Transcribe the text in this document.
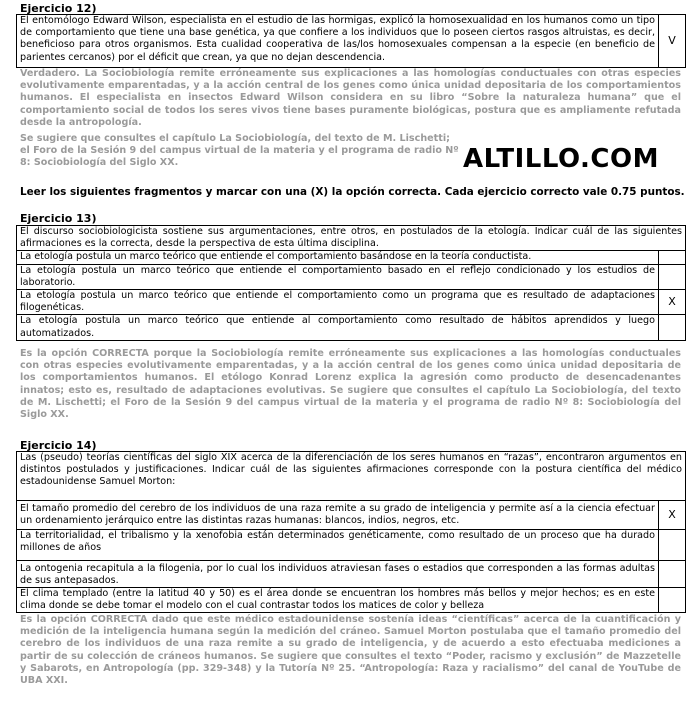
Ejercicio 12)
El entomólogo Edward Wilson, especialista en el estudio de las hormigas, explicó la homosexualidad en los humanos como un tipo de comportamiento que tiene una base genética, ya que confiere a los individuos que lo poseen ciertos rasgos altruistas, es decir, beneficioso para otros organismos. Esta cualidad cooperativa de las/los homosexuales compensan a la especie (en beneficio de parientes cercanos) por el déficit que crean, ya que no dejan descendencia.	V
Verdadero. La Sociobiología remite erróneamente sus explicaciones a las homologías conductuales con otras especies evolutivamente emparentadas, y a la acción central de los genes como única unidad depositaria de los comportamientos humanos. El especialista en insectos Edward Wilson considera en su libro “Sobre la naturaleza humana” que el comportamiento social de todos los seres vivos tiene bases puramente biológicas, postura que es ampliamente refutada desde la antropología.
Se sugiere que consultes el capítulo La Sociobiología, del texto de M. Lischetti; el Foro de la Sesión 9 del campus virtual de la materia y el programa de radio Nº 8: Sociobiología del Siglo XX.	ALTILLO.COM
Leer los siguientes fragmentos y marcar con una (X) la opción correcta. Cada ejercicio correcto vale 0.75 puntos.
Ejercicio 13)
El discurso sociobiologicista sostiene sus argumentaciones, entre otros, en postulados de la etología. Indicar cuál de las siguientes afirmaciones es la correcta, desde la perspectiva de esta última disciplina.	
La etología postula un marco teórico que entiende el comportamiento basándose en la teoría conductista.	
La etología postula un marco teórico que entiende el comportamiento basado en el reflejo condicionado y los estudios de laboratorio.	
La etología postula un marco teórico que entiende el comportamiento como un programa que es resultado de adaptaciones filogenéticas.	X
La etología postula un marco teórico que entiende al comportamiento como resultado de hábitos aprendidos y luego automatizados.	
Es la opción CORRECTA porque la Sociobiología remite erróneamente sus explicaciones a las homologías conductuales con otras especies evolutivamente emparentadas, y a la acción central de los genes como única unidad depositaria de los comportamientos humanos. El etólogo Konrad Lorenz explica la agresión como producto de desencadenantes innatos; esto es, resultado de adaptaciones evolutivas. Se sugiere que consultes el capítulo La Sociobiología, del texto de M. Lischetti; el Foro de la Sesión 9 del campus virtual de la materia y el programa de radio Nº 8: Sociobiología del Siglo XX.
Ejercicio 14)
Las (pseudo) teorías científicas del siglo XIX acerca de la diferenciación de los seres humanos en “razas”, encontraron argumentos en distintos postulados y justificaciones. Indicar cuál de las siguientes afirmaciones corresponde con la postura científica del médico estadounidense Samuel Morton:	
El tamaño promedio del cerebro de los individuos de una raza remite a su grado de inteligencia y permite así a la ciencia efectuar un ordenamiento jerárquico entre las distintas razas humanas: blancos, indios, negros, etc.	X
La territorialidad, el tribalismo y la xenofobia están determinados genéticamente, como resultado de un proceso que ha durado millones de años	
La ontogenia recapitula a la filogenia, por lo cual los individuos atraviesan fases o estadios que corresponden a las formas adultas de sus antepasados.	
El clima templado (entre la latitud 40 y 50) es el área donde se encuentran los hombres más bellos y mejor hechos; es en este clima donde se debe tomar el modelo con el cual contrastar todos los matices de color y belleza	
Es la opción CORRECTA dado que este médico estadounidense sostenía ideas “científicas” acerca de la cuantificación y medición de la inteligencia humana según la medición del cráneo. Samuel Morton postulaba que el tamaño promedio del cerebro de los individuos de una raza remite a su grado de inteligencia, y de acuerdo a esto efectuaba mediciones a partir de su colección de cráneos humanos. Se sugiere que consultes el texto “Poder, racismo y exclusión” de Mazzetelle y Sabarots, en Antropología (pp. 329-348) y la Tutoría Nº 25. “Antropología: Raza y racialismo” del canal de YouTube de UBA XXI.
